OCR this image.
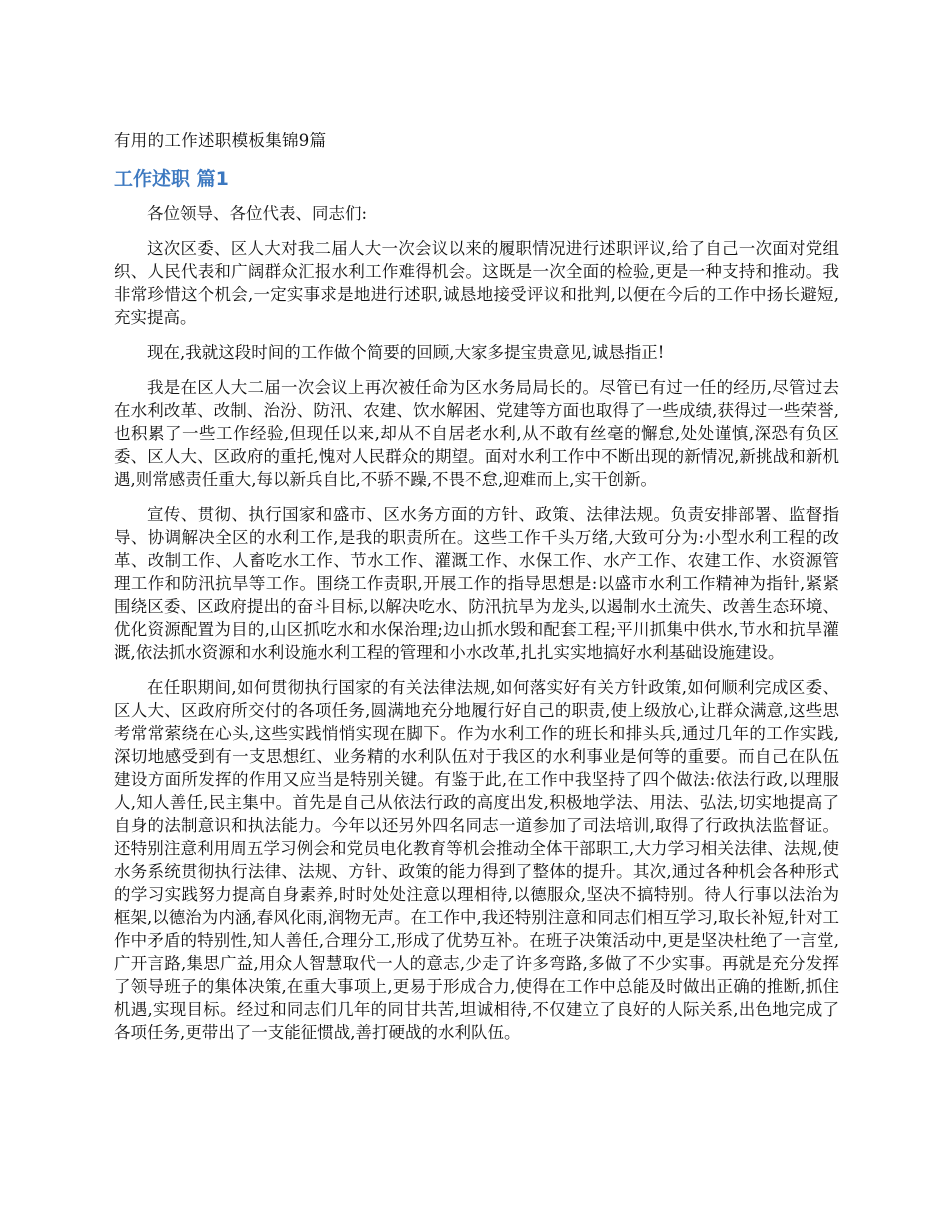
有用的工作述职模板集锦9篇
工作述职 篇1

各位领导、各位代表、同志们:

这次区委、区人大对我二届人大一次会议以来的履职情况进行述职评议,给了自己一次面对党组织、人民代表和广阔群众汇报水利工作难得机会。这既是一次全面的检验,更是一种支持和推动。我非常珍惜这个机会,一定实事求是地进行述职,诚恳地接受评议和批判,以便在今后的工作中扬长避短,充实提高。

现在,我就这段时间的工作做个简要的回顾,大家多提宝贵意见,诚恳指正!

我是在区人大二届一次会议上再次被任命为区水务局局长的。尽管已有过一任的经历,尽管过去在水利改革、改制、治汾、防汛、农建、饮水解困、党建等方面也取得了一些成绩,获得过一些荣誉,也积累了一些工作经验,但现任以来,却从不自居老水利,从不敢有丝毫的懈怠,处处谨慎,深恐有负区委、区人大、区政府的重托,愧对人民群众的期望。面对水利工作中不断出现的新情况,新挑战和新机遇,则常感责任重大,每以新兵自比,不骄不躁,不畏不怠,迎难而上,实干创新。

宣传、贯彻、执行国家和盛市、区水务方面的方针、政策、法律法规。负责安排部署、监督指导、协调解决全区的水利工作,是我的职责所在。这些工作千头万绪,大致可分为:小型水利工程的改革、改制工作、人畜吃水工作、节水工作、灌溉工作、水保工作、水产工作、农建工作、水资源管理工作和防汛抗旱等工作。围绕工作责职,开展工作的指导思想是:以盛市水利工作精神为指针,紧紧围绕区委、区政府提出的奋斗目标,以解决吃水、防汛抗旱为龙头,以遏制水土流失、改善生态环境、优化资源配置为目的,山区抓吃水和水保治理;边山抓水毁和配套工程;平川抓集中供水,节水和抗旱灌溉,依法抓水资源和水利设施水利工程的管理和小水改革,扎扎实实地搞好水利基础设施建设。

在任职期间,如何贯彻执行国家的有关法律法规,如何落实好有关方针政策,如何顺利完成区委、区人大、区政府所交付的各项任务,圆满地充分地履行好自己的职责,使上级放心,让群众满意,这些思考常常萦绕在心头,这些实践悄悄实现在脚下。作为水利工作的班长和排头兵,通过几年的工作实践,深切地感受到有一支思想红、业务精的水利队伍对于我区的水利事业是何等的重要。而自己在队伍建设方面所发挥的作用又应当是特别关键。有鉴于此,在工作中我坚持了四个做法:依法行政,以理服人,知人善任,民主集中。首先是自己从依法行政的高度出发,积极地学法、用法、弘法,切实地提高了自身的法制意识和执法能力。今年以还另外四名同志一道参加了司法培训,取得了行政执法监督证。还特别注意利用周五学习例会和党员电化教育等机会推动全体干部职工,大力学习相关法律、法规,使水务系统贯彻执行法律、法规、方针、政策的能力得到了整体的提升。其次,通过各种机会各种形式的学习实践努力提高自身素养,时时处处注意以理相待,以德服众,坚决不搞特别。待人行事以法治为框架,以德治为内涵,春风化雨,润物无声。在工作中,我还特别注意和同志们相互学习,取长补短,针对工作中矛盾的特别性,知人善任,合理分工,形成了优势互补。在班子决策活动中,更是坚决杜绝了一言堂,广开言路,集思广益,用众人智慧取代一人的意志,少走了许多弯路,多做了不少实事。再就是充分发挥了领导班子的集体决策,在重大事项上,更易于形成合力,使得在工作中总能及时做出正确的推断,抓住机遇,实现目标。经过和同志们几年的同甘共苦,坦诚相待,不仅建立了良好的人际关系,出色地完成了各项任务,更带出了一支能征惯战,善打硬战的水利队伍。
